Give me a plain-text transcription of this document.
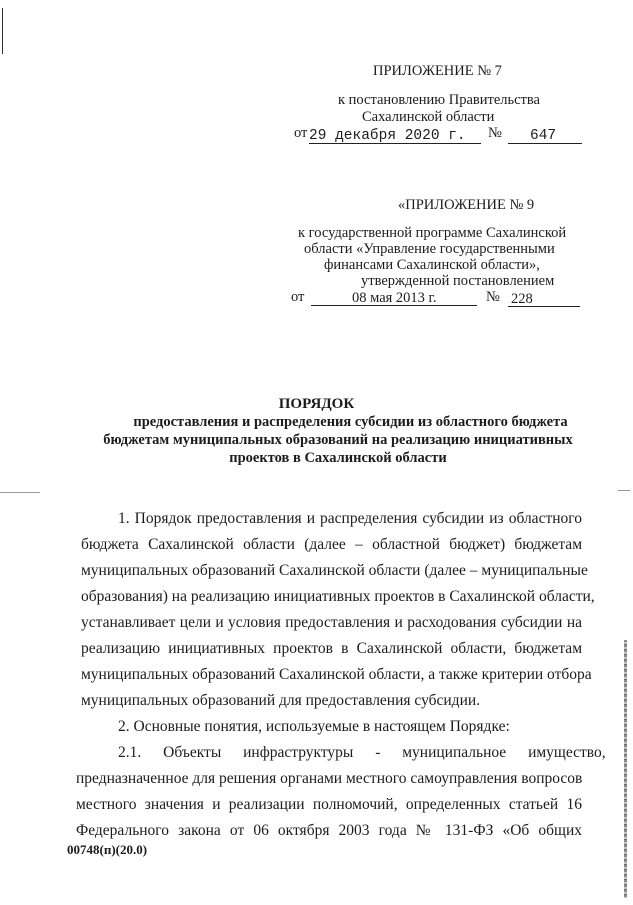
ПРИЛОЖЕНИЕ № 7
к постановлению Правительства
Сахалинской области
от 29 декабря 2020 г. № 647
«ПРИЛОЖЕНИЕ № 9
к государственной программе Сахалинской
области «Управление государственными
финансами Сахалинской области»,
утвержденной постановлением
от	08 мая 2013 г.	№ 228
ПОРЯДОК
предоставления и распределения субсидии из областного бюджета
бюджетам муниципальных образований на реализацию инициативных
проектов в Сахалинской области
1. Порядок предоставления и распределения субсидии из областного
бюджета Сахалинской области (далее – областной бюджет) бюджетам
муниципальных образований Сахалинской области (далее – муниципальные
образования) на реализацию инициативных проектов в Сахалинской области,
устанавливает цели и условия предоставления и расходования субсидии на
реализацию инициативных проектов в Сахалинской области, бюджетам
муниципальных образований Сахалинской области, а также критерии отбора
муниципальных образований для предоставления субсидии.
2. Основные понятия, используемые в настоящем Порядке:
2.1. Объекты инфраструктуры - муниципальное имущество,
предназначенное для решения органами местного самоуправления вопросов
местного значения и реализации полномочий, определенных статьей 16
Федерального закона от 06 октября 2003 года № 131-ФЗ «Об общих
00748(п)(20.0)
